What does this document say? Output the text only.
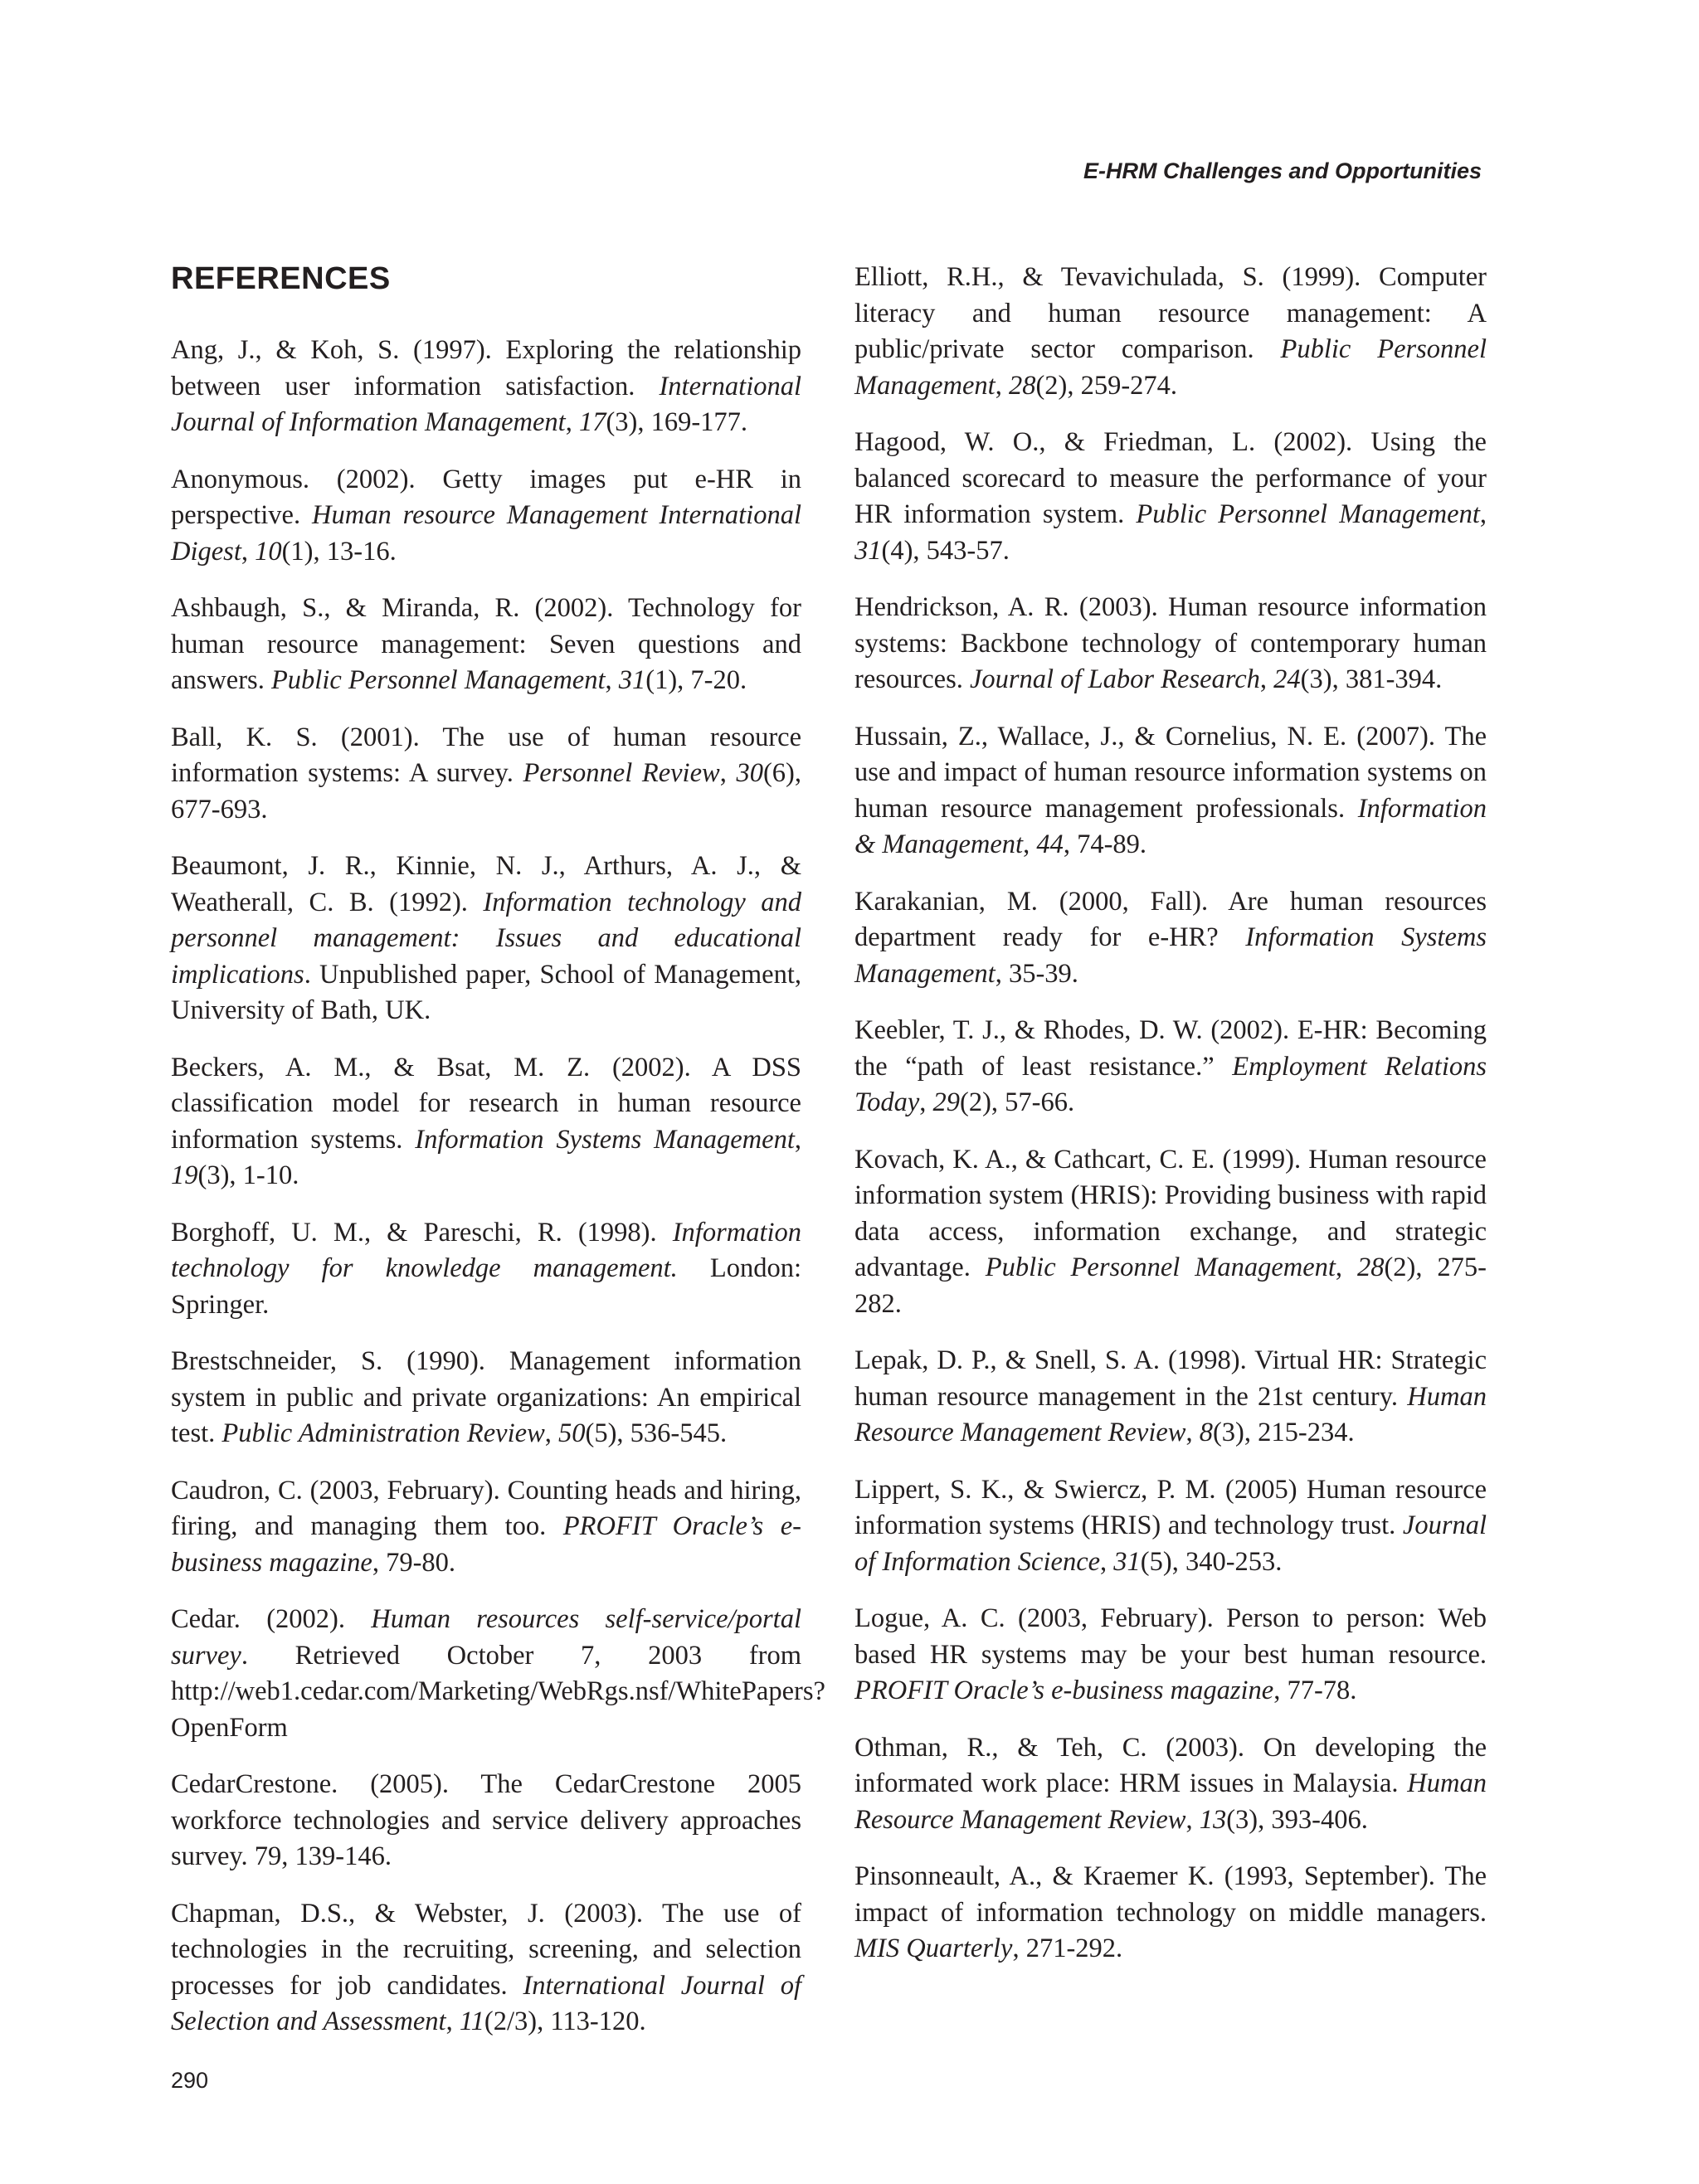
E-HRM Challenges and Opportunities
REFERENCES

Ang, J., & Koh, S. (1997). Exploring the relationship between user information satisfaction. International Journal of Information Management, 17(3), 169-177.

Anonymous. (2002). Getty images put e-HR in perspective. Human resource Management International Digest, 10(1), 13-16.

Ashbaugh, S., & Miranda, R. (2002). Technology for human resource management: Seven questions and answers. Public Personnel Management, 31(1), 7-20.

Ball, K. S. (2001). The use of human resource information systems: A survey. Personnel Review, 30(6), 677-693.

Beaumont, J. R., Kinnie, N. J., Arthurs, A. J., & Weatherall, C. B. (1992). Information technology and personnel management: Issues and educational implications. Unpublished paper, School of Management, University of Bath, UK.

Beckers, A. M., & Bsat, M. Z. (2002). A DSS classification model for research in human resource information systems. Information Systems Management, 19(3), 1-10.

Borghoff, U. M., & Pareschi, R. (1998). Information technology for knowledge management. London: Springer.

Brestschneider, S. (1990). Management information system in public and private organizations: An empirical test. Public Administration Review, 50(5), 536-545.

Caudron, C. (2003, February). Counting heads and hiring, firing, and managing them too. PROFIT Oracle’s e-business magazine, 79-80.

Cedar. (2002). Human resources self-service/portal survey. Retrieved October 7, 2003 from http://web1.cedar.com/Marketing/WebRgs.nsf/WhitePapers?OpenForm

CedarCrestone. (2005). The CedarCrestone 2005 workforce technologies and service delivery approaches survey. 79, 139-146.

Chapman, D.S., & Webster, J. (2003). The use of technologies in the recruiting, screening, and selection processes for job candidates. International Journal of Selection and Assessment, 11(2/3), 113-120.

Elliott, R.H., & Tevavichulada, S. (1999). Computer literacy and human resource management: A public/private sector comparison. Public Personnel Management, 28(2), 259-274.

Hagood, W. O., & Friedman, L. (2002). Using the balanced scorecard to measure the performance of your HR information system. Public Personnel Management, 31(4), 543-57.

Hendrickson, A. R. (2003). Human resource information systems: Backbone technology of contemporary human resources. Journal of Labor Research, 24(3), 381-394.

Hussain, Z., Wallace, J., & Cornelius, N. E. (2007). The use and impact of human resource information systems on human resource management professionals. Information & Management, 44, 74-89.

Karakanian, M. (2000, Fall). Are human resources department ready for e-HR? Information Systems Management, 35-39.

Keebler, T. J., & Rhodes, D. W. (2002). E-HR: Becoming the “path of least resistance.” Employment Relations Today, 29(2), 57-66.

Kovach, K. A., & Cathcart, C. E. (1999). Human resource information system (HRIS): Providing business with rapid data access, information exchange, and strategic advantage. Public Personnel Management, 28(2), 275-282.

Lepak, D. P., & Snell, S. A. (1998). Virtual HR: Strategic human resource management in the 21st century. Human Resource Management Review, 8(3), 215-234.

Lippert, S. K., & Swiercz, P. M. (2005) Human resource information systems (HRIS) and technology trust. Journal of Information Science, 31(5), 340-253.

Logue, A. C. (2003, February). Person to person: Web based HR systems may be your best human resource. PROFIT Oracle’s e-business magazine, 77-78.

Othman, R., & Teh, C. (2003). On developing the informated work place: HRM issues in Malaysia. Human Resource Management Review, 13(3), 393-406.

Pinsonneault, A., & Kraemer K. (1993, September). The impact of information technology on middle managers. MIS Quarterly, 271-292.

290
